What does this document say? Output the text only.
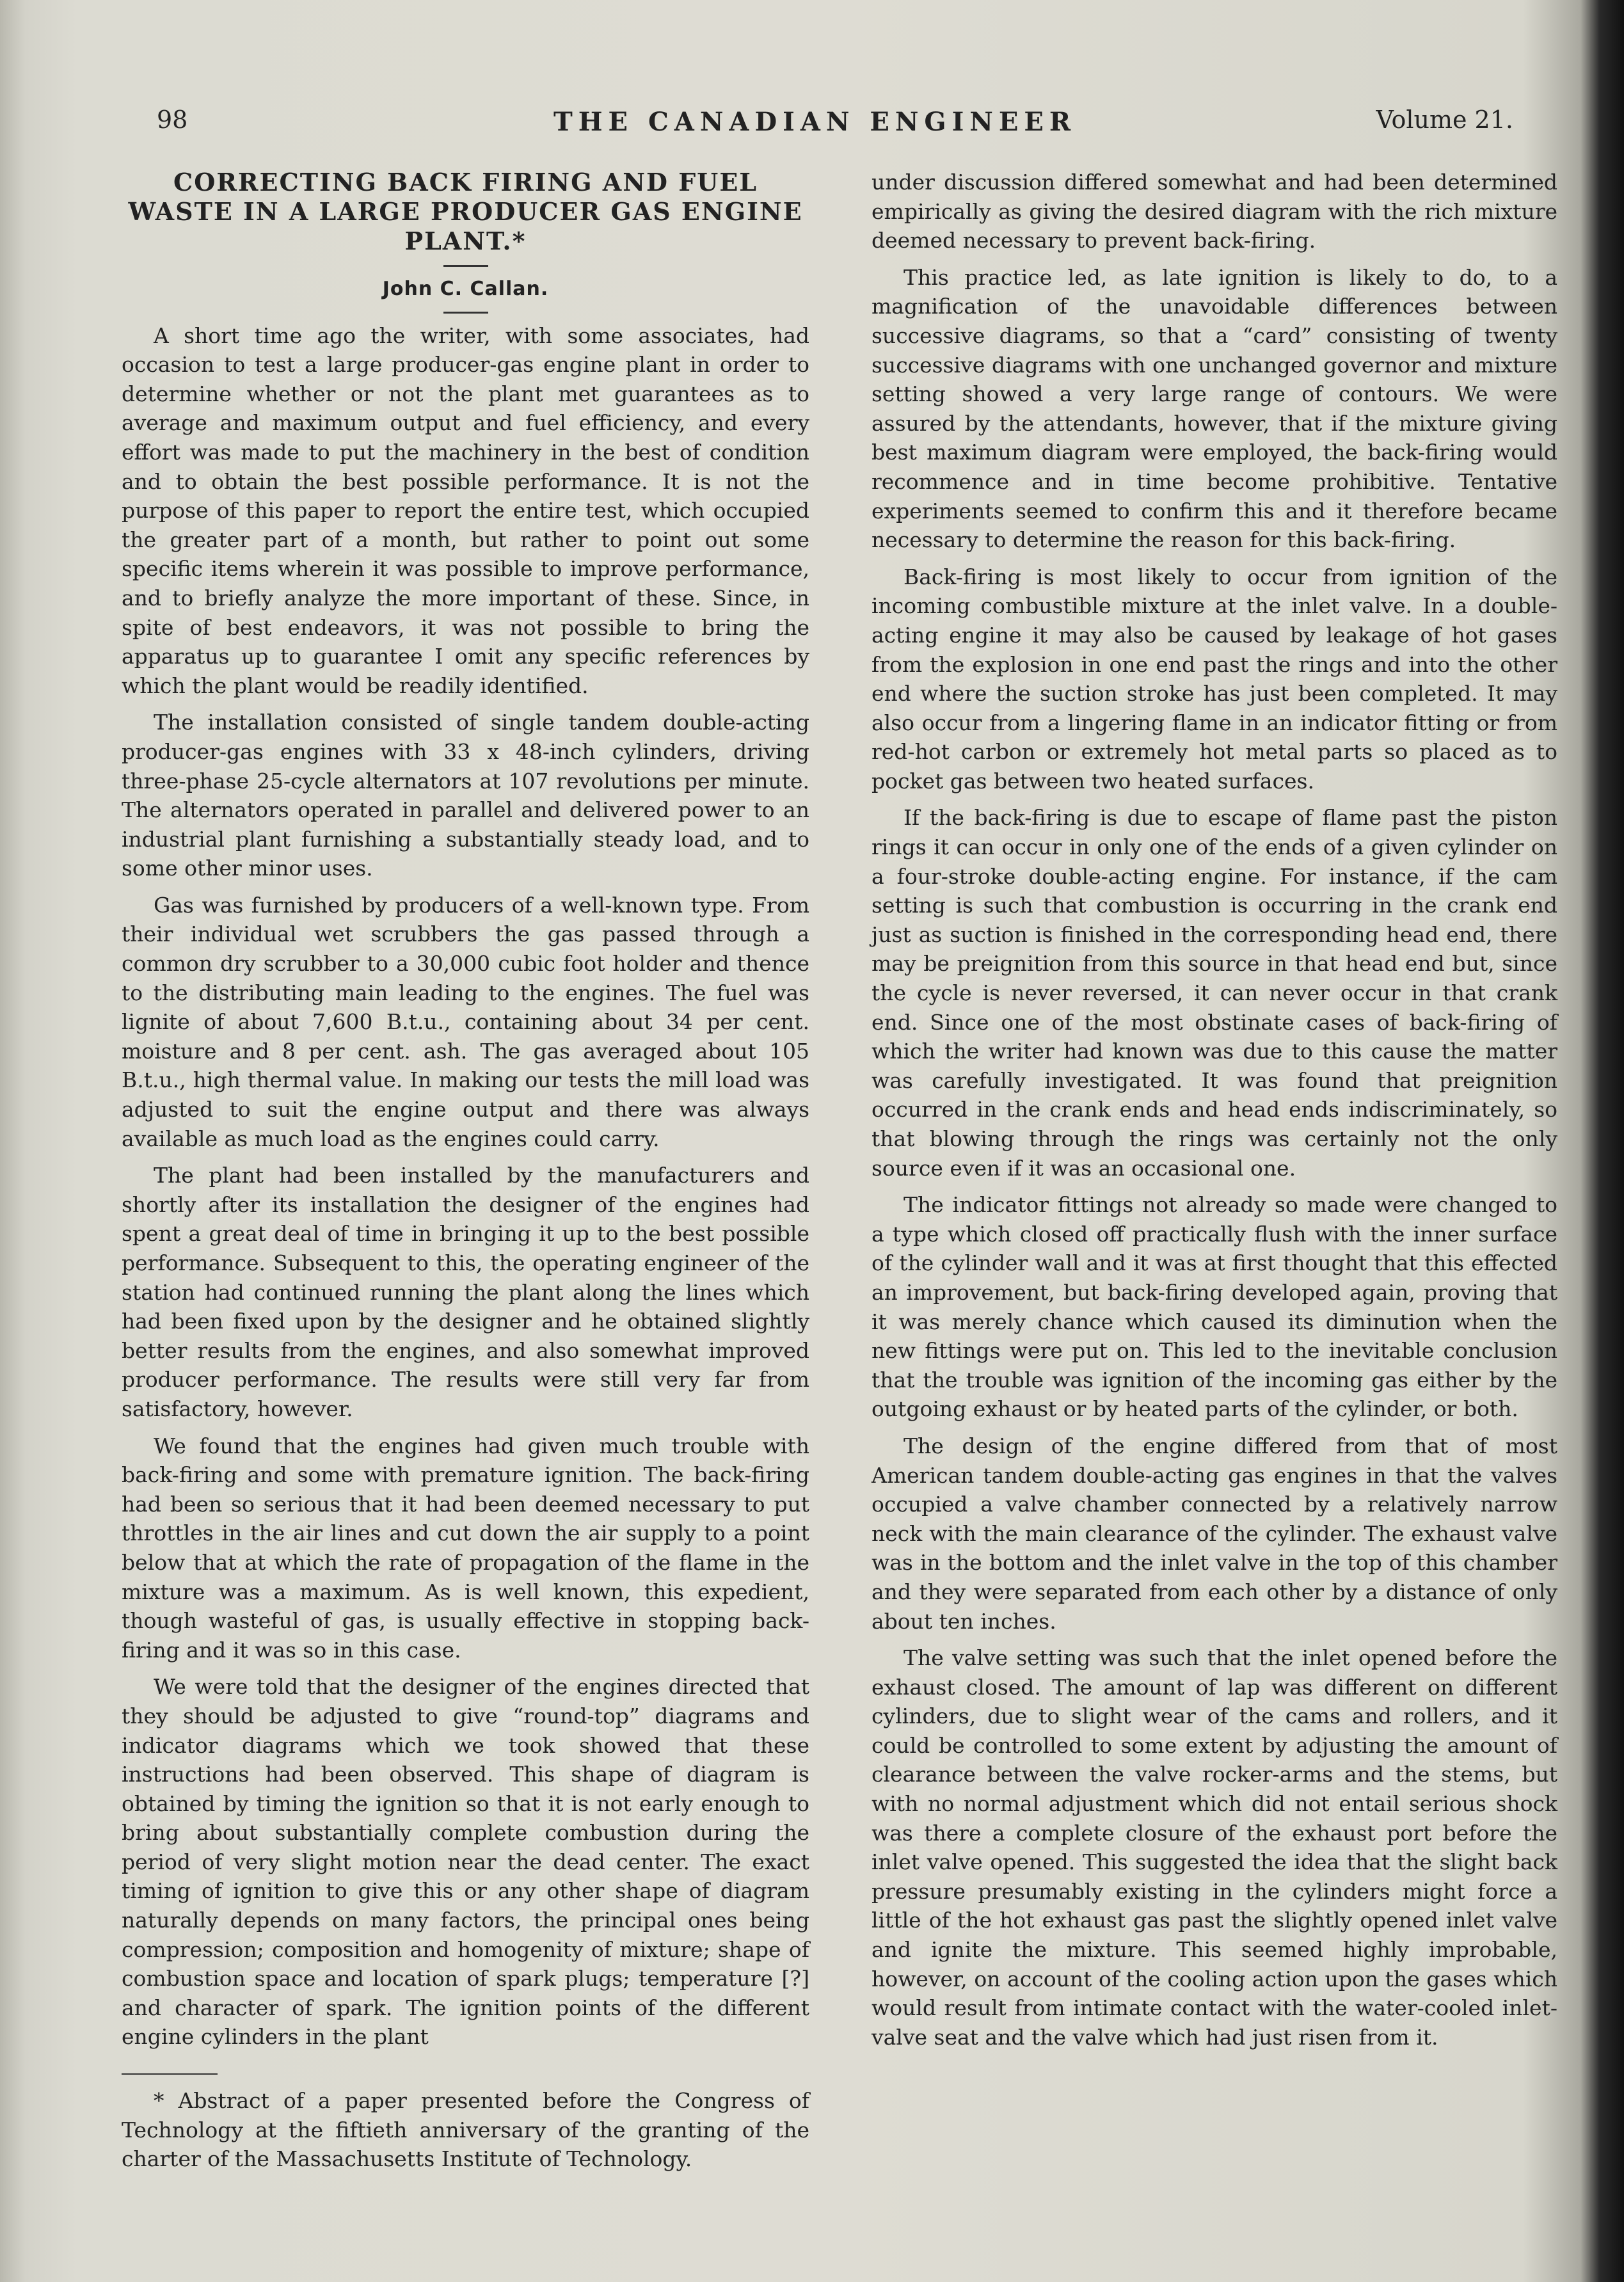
98	THE CANADIAN ENGINEER	Volume 21.
CORRECTING BACK FIRING AND FUEL WASTE IN A LARGE PRODUCER GAS ENGINE PLANT.*
John C. Callan.

A short time ago the writer, with some associates, had occasion to test a large producer-gas engine plant in order to determine whether or not the plant met guarantees as to average and maximum output and fuel efficiency, and every effort was made to put the machinery in the best of condition and to obtain the best possible performance. It is not the purpose of this paper to report the entire test, which occupied the greater part of a month, but rather to point out some specific items wherein it was possible to improve performance, and to briefly analyze the more important of these. Since, in spite of best endeavors, it was not possible to bring the apparatus up to guarantee I omit any specific references by which the plant would be readily identified.

The installation consisted of single tandem double-acting producer-gas engines with 33 x 48-inch cylinders, driving three-phase 25-cycle alternators at 107 revolutions per minute. The alternators operated in parallel and delivered power to an industrial plant furnishing a substantially steady load, and to some other minor uses.

Gas was furnished by producers of a well-known type. From their individual wet scrubbers the gas passed through a common dry scrubber to a 30,000 cubic foot holder and thence to the distributing main leading to the engines. The fuel was lignite of about 7,600 B.t.u., containing about 34 per cent. moisture and 8 per cent. ash. The gas averaged about 105 B.t.u., high thermal value. In making our tests the mill load was adjusted to suit the engine output and there was always available as much load as the engines could carry.

The plant had been installed by the manufacturers and shortly after its installation the designer of the engines had spent a great deal of time in bringing it up to the best possible performance. Subsequent to this, the operating engineer of the station had continued running the plant along the lines which had been fixed upon by the designer and he obtained slightly better results from the engines, and also somewhat improved producer performance. The results were still very far from satisfactory, however.

We found that the engines had given much trouble with back-firing and some with premature ignition. The back-firing had been so serious that it had been deemed necessary to put throttles in the air lines and cut down the air supply to a point below that at which the rate of propagation of the flame in the mixture was a maximum. As is well known, this expedient, though wasteful of gas, is usually effective in stopping back-firing and it was so in this case.

We were told that the designer of the engines directed that they should be adjusted to give “round-top” diagrams and indicator diagrams which we took showed that these instructions had been observed. This shape of diagram is obtained by timing the ignition so that it is not early enough to bring about substantially complete combustion during the period of very slight motion near the dead center. The exact timing of ignition to give this or any other shape of diagram naturally depends on many factors, the principal ones being compression; composition and homogenity of mixture; shape of combustion space and location of spark plugs; temperature [?] and character of spark. The ignition points of the different engine cylinders in the plant

* Abstract of a paper presented before the Congress of Technology at the fiftieth anniversary of the granting of the charter of the Massachusetts Institute of Technology.

under discussion differed somewhat and had been determined empirically as giving the desired diagram with the rich mixture deemed necessary to prevent back-firing.

This practice led, as late ignition is likely to do, to a magnification of the unavoidable differences between successive diagrams, so that a “card” consisting of twenty successive diagrams with one unchanged governor and mixture setting showed a very large range of contours. We were assured by the attendants, however, that if the mixture giving best maximum diagram were employed, the back-firing would recommence and in time become prohibitive. Tentative experiments seemed to confirm this and it therefore became necessary to determine the reason for this back-firing.

Back-firing is most likely to occur from ignition of the incoming combustible mixture at the inlet valve. In a double-acting engine it may also be caused by leakage of hot gases from the explosion in one end past the rings and into the other end where the suction stroke has just been completed. It may also occur from a lingering flame in an indicator fitting or from red-hot carbon or extremely hot metal parts so placed as to pocket gas between two heated surfaces.

If the back-firing is due to escape of flame past the piston rings it can occur in only one of the ends of a given cylinder on a four-stroke double-acting engine. For instance, if the cam setting is such that combustion is occurring in the crank end just as suction is finished in the corresponding head end, there may be preignition from this source in that head end but, since the cycle is never reversed, it can never occur in that crank end. Since one of the most obstinate cases of back-firing of which the writer had known was due to this cause the matter was carefully investigated. It was found that preignition occurred in the crank ends and head ends indiscriminately, so that blowing through the rings was certainly not the only source even if it was an occasional one.

The indicator fittings not already so made were changed to a type which closed off practically flush with the inner surface of the cylinder wall and it was at first thought that this effected an improvement, but back-firing developed again, proving that it was merely chance which caused its diminution when the new fittings were put on. This led to the inevitable conclusion that the trouble was ignition of the incoming gas either by the outgoing exhaust or by heated parts of the cylinder, or both.

The design of the engine differed from that of most American tandem double-acting gas engines in that the valves occupied a valve chamber connected by a relatively narrow neck with the main clearance of the cylinder. The exhaust valve was in the bottom and the inlet valve in the top of this chamber and they were separated from each other by a distance of only about ten inches.

The valve setting was such that the inlet opened before the exhaust closed. The amount of lap was different on different cylinders, due to slight wear of the cams and rollers, and it could be controlled to some extent by adjusting the amount of clearance between the valve rocker-arms and the stems, but with no normal adjustment which did not entail serious shock was there a complete closure of the exhaust port before the inlet valve opened. This suggested the idea that the slight back pressure presumably existing in the cylinders might force a little of the hot exhaust gas past the slightly opened inlet valve and ignite the mixture. This seemed highly improbable, however, on account of the cooling action upon the gases which would result from intimate contact with the water-cooled inlet-valve seat and the valve which had just risen from it.
